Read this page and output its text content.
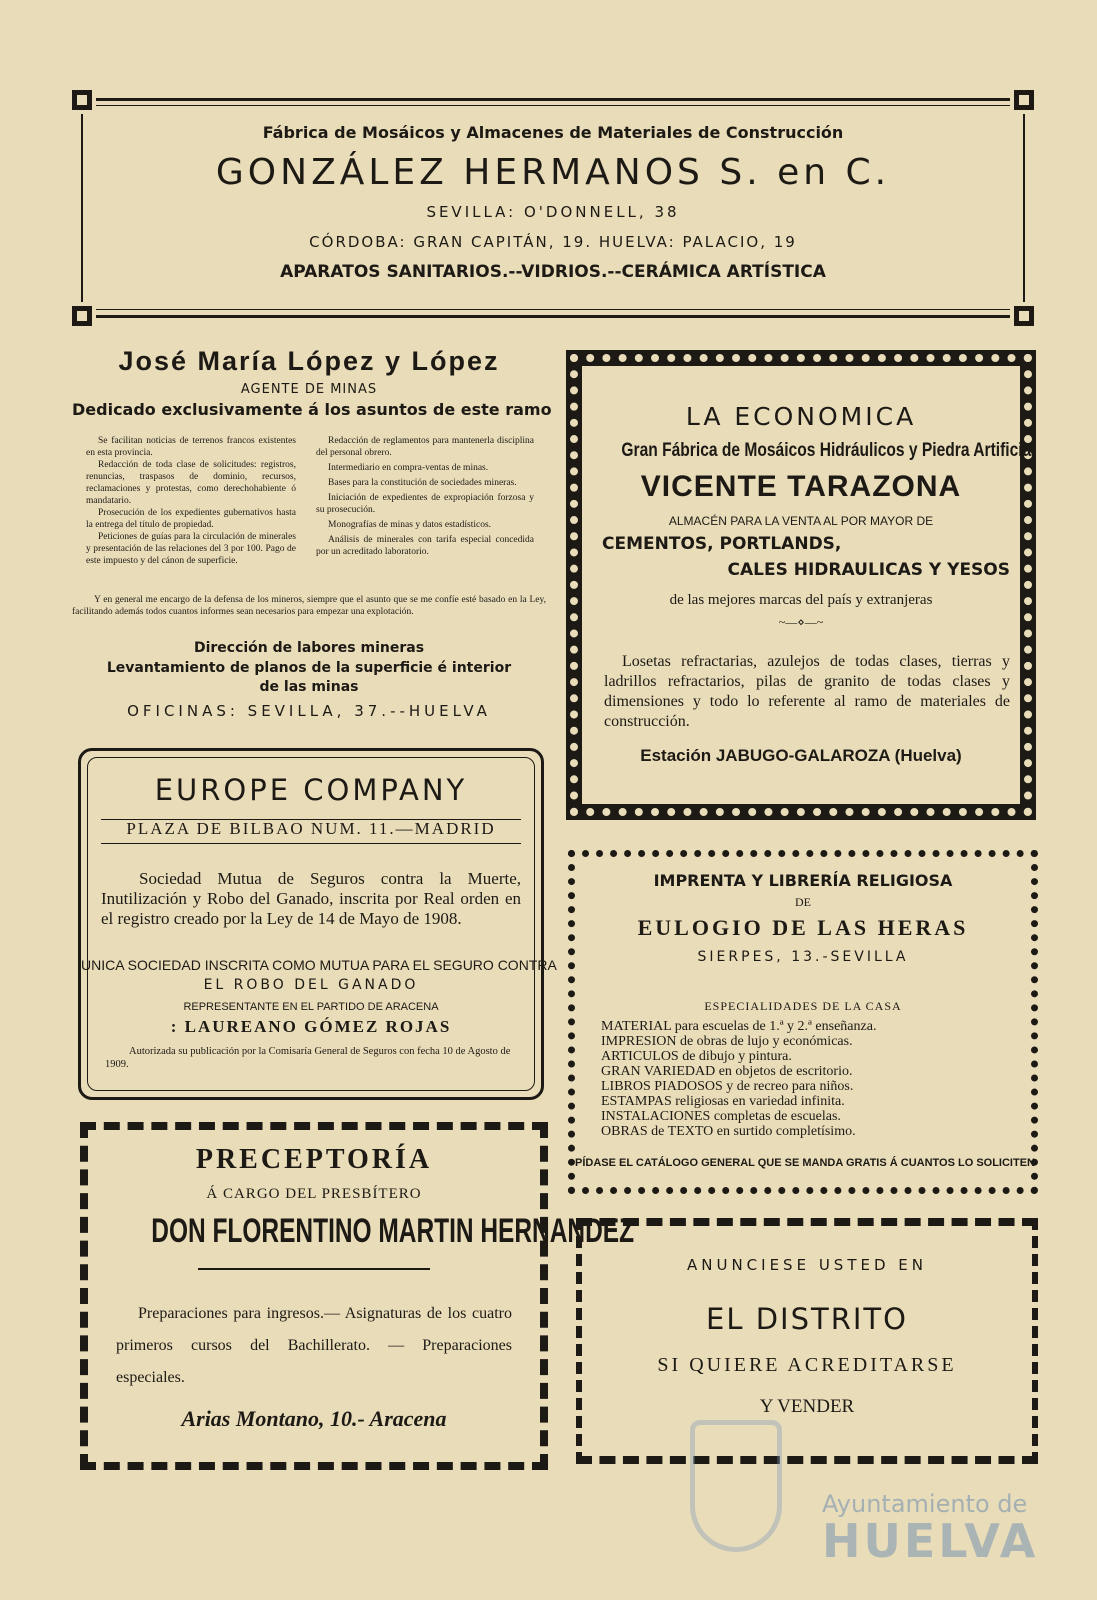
Fábrica de Mosáicos y Almacenes de Materiales de Construcción
GONZÁLEZ HERMANOS S. en C.
SEVILLA: O'DONNELL, 38
CÓRDOBA: GRAN CAPITÁN, 19. HUELVA: PALACIO, 19
APARATOS SANITARIOS.--VIDRIOS.--CERÁMICA ARTÍSTICA
José María López y López
AGENTE DE MINAS
Dedicado exclusivamente á los asuntos de este ramo
Se facilitan noticias de terrenos francos existentes en esta provincia.
Redacción de toda clase de solicitudes: registros, renuncias, traspasos de dominio, recursos, reclamaciones y protestas, como derechohabiente ó mandatario.
Prosecución de los expedientes gubernativos hasta la entrega del título de propiedad.
Peticiones de guías para la circulación de minerales y presentación de las relaciones del 3 por 100. Pago de este impuesto y del cánon de superficie.
Redacción de reglamentos para mantenerla disciplina del personal obrero.
Intermediario en compra-ventas de minas.
Bases para la constitución de sociedades mineras.
Iniciación de expedientes de expropiación forzosa y su prosecución.
Monografías de minas y datos estadísticos.
Análisis de minerales con tarifa especial concedida por un acreditado laboratorio.
Y en general me encargo de la defensa de los mineros, siempre que el asunto que se me confíe esté basado en la Ley, facilitando además todos cuantos informes sean necesarios para empezar una explotación.
Dirección de labores mineras
Levantamiento de planos de la superficie é interior
de las minas
OFICINAS: SEVILLA, 37.--HUELVA
LA ECONOMICA
Gran Fábrica de Mosáicos Hidráulicos y Piedra Artificial
VICENTE TARAZONA
ALMACÉN PARA LA VENTA AL POR MAYOR DE
CEMENTOS, PORTLANDS,
CALES HIDRAULICAS Y YESOS
de las mejores marcas del país y extranjeras
~—⋄—~
Losetas refractarias, azulejos de todas clases, tierras y ladrillos refractarios, pilas de granito de todas clases y dimensiones y todo lo referente al ramo de materiales de construcción.
Estación JABUGO-GALAROZA (Huelva)
EUROPE COMPANY
PLAZA DE BILBAO NUM. 11.—MADRID
Sociedad Mutua de Seguros contra la Muerte, Inutilización y Robo del Ganado, inscrita por Real orden en el registro creado por la Ley de 14 de Mayo de 1908.
UNICA SOCIEDAD INSCRITA COMO MUTUA PARA EL SEGURO CONTRA
EL ROBO DEL GANADO
REPRESENTANTE EN EL PARTIDO DE ARACENA
: LAUREANO GÓMEZ ROJAS
Autorizada su publicación por la Comisaría General de Seguros con fecha 10 de Agosto de 1909.
IMPRENTA Y LIBRERÍA RELIGIOSA
DE
EULOGIO DE LAS HERAS
SIERPES, 13.-SEVILLA
ESPECIALIDADES DE LA CASA
MATERIAL para escuelas de 1.ª y 2.ª enseñanza.
IMPRESION de obras de lujo y económicas.
ARTICULOS de dibujo y pintura.
GRAN VARIEDAD en objetos de escritorio.
LIBROS PIADOSOS y de recreo para niños.
ESTAMPAS religiosas en variedad infinita.
INSTALACIONES completas de escuelas.
OBRAS de TEXTO en surtido completísimo.
PÍDASE EL CATÁLOGO GENERAL QUE SE MANDA GRATIS Á CUANTOS LO SOLICITEN
PRECEPTORÍA
Á CARGO DEL PRESBÍTERO
DON FLORENTINO MARTIN HERNANDEZ
Preparaciones para ingresos.— Asignaturas de los cuatro primeros cursos del Bachillerato. — Preparaciones especiales.
Arias Montano, 10.- Aracena
ANUNCIESE USTED EN
EL DISTRITO
SI QUIERE ACREDITARSE
Y VENDER
Ayuntamiento de
HUELVA
